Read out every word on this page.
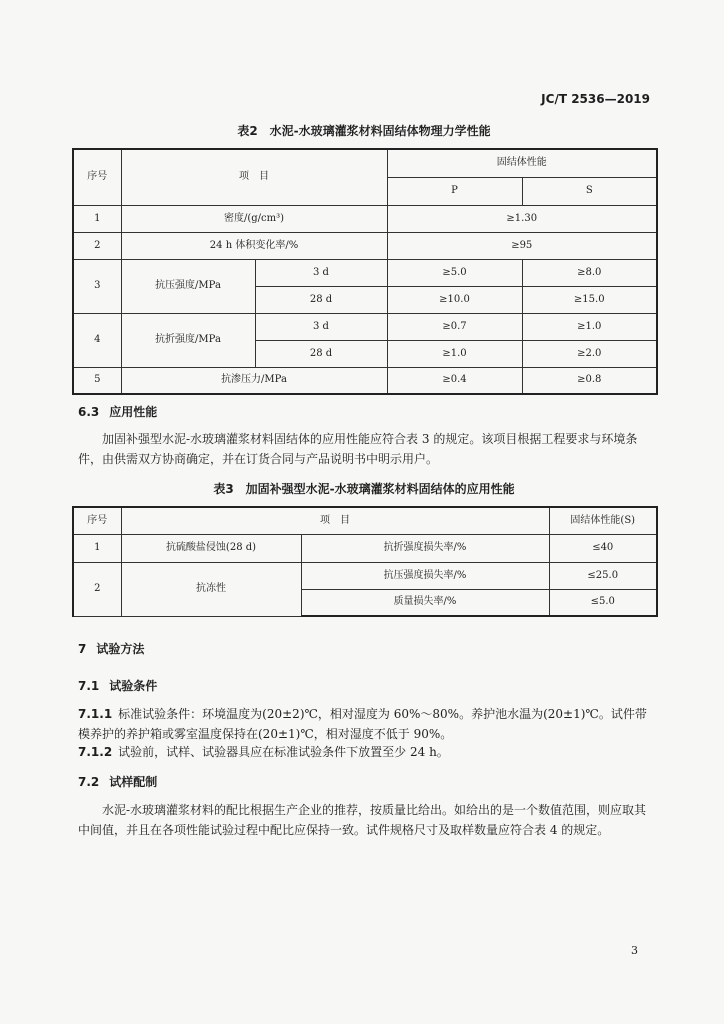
JC/T 2536—2019
表2　水泥-水玻璃灌浆材料固结体物理力学性能
序号	项　目		固结体性能	
			P	S
1	密度/(g/cm³)		≥1.30	
2	24 h 体积变化率/%		≥95	
3	抗压强度/MPa	3 d	≥5.0	≥8.0
		28 d	≥10.0	≥15.0
4	抗折强度/MPa	3 d	≥0.7	≥1.0
		28 d	≥1.0	≥2.0
5	抗渗压力/MPa		≥0.4	≥0.8
6.3 应用性能

加固补强型水泥-水玻璃灌浆材料固结体的应用性能应符合表 3 的规定。该项目根据工程要求与环境条件，由供需双方协商确定，并在订货合同与产品说明书中明示用户。

表3　加固补强型水泥-水玻璃灌浆材料固结体的应用性能
序号	项　目		固结体性能(S)
1	抗硫酸盐侵蚀(28 d)	抗折强度损失率/%	≤40
2	抗冻性	抗压强度损失率/%	≤25.0
		质量损失率/%	≤5.0
7 试验方法
7.1 试验条件
7.1.1 标准试验条件：环境温度为(20±2)℃，相对湿度为 60%～80%。养护池水温为(20±1)℃。试件带模养护的养护箱或雾室温度保持在(20±1)℃，相对湿度不低于 90%。
7.1.2 试验前，试样、试验器具应在标准试验条件下放置至少 24 h。
7.2 试样配制

水泥-水玻璃灌浆材料的配比根据生产企业的推荐，按质量比给出。如给出的是一个数值范围，则应取其中间值，并且在各项性能试验过程中配比应保持一致。试件规格尺寸及取样数量应符合表 4 的规定。

3
